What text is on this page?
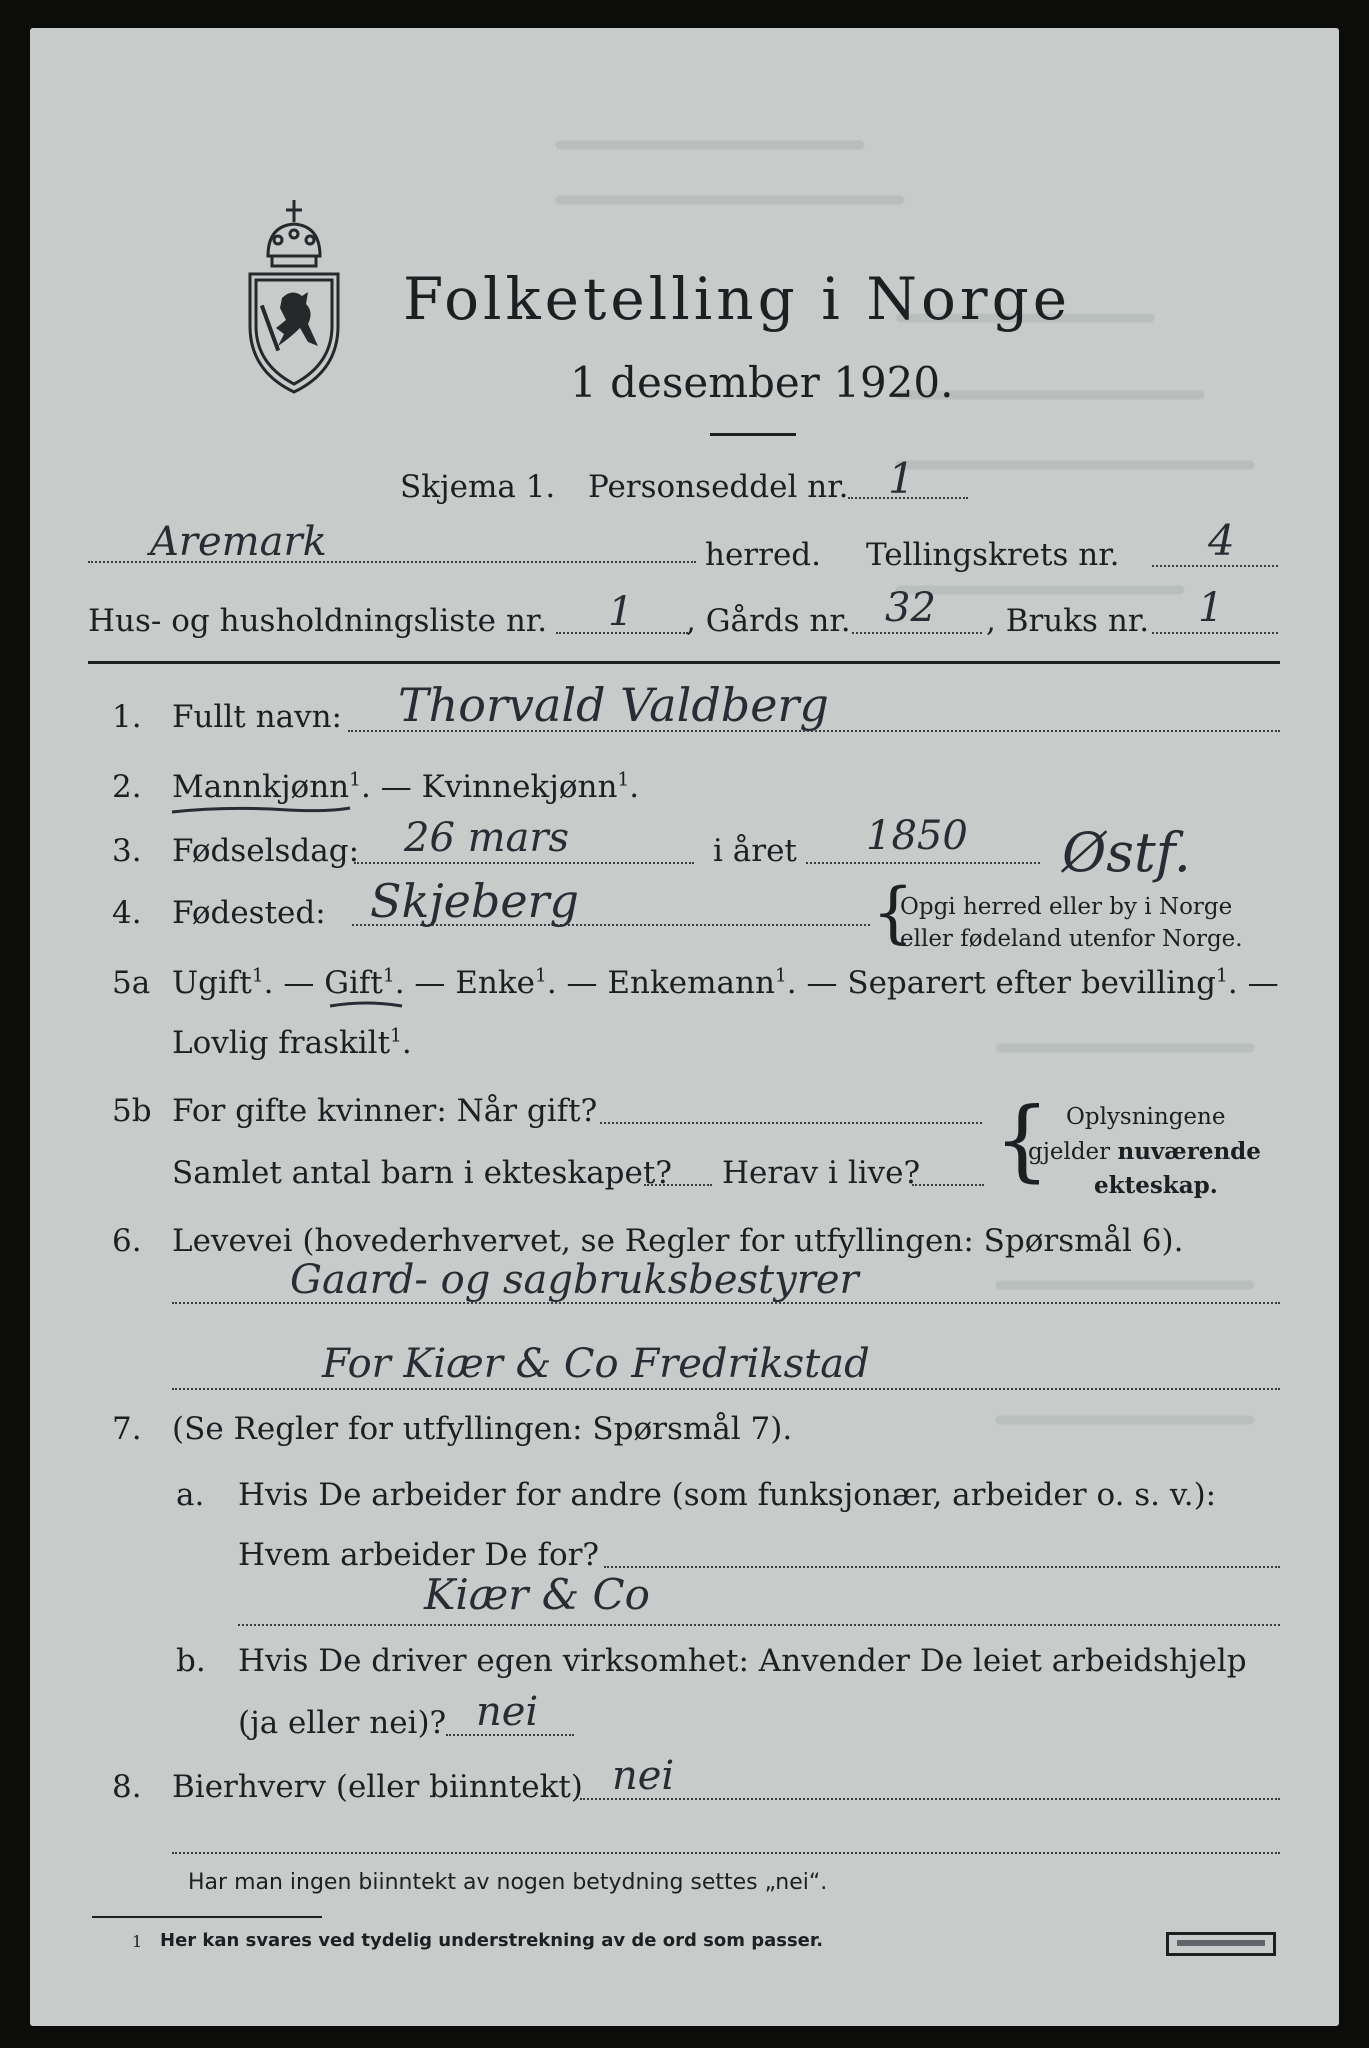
Folketelling i Norge
1 desember 1920.
Skjema 1. Personseddel nr. 1
Aremark	herred. Tellingskrets nr. 4
Hus- og husholdningsliste nr. 1 , Gårds nr. 32 , Bruks nr. 1
1. Fullt navn: Thorvald Valdberg
2. Mannkjønn$^1$. — Kvinnekjønn$^1$.
3. Fødselsdag: 26 mars	i året 1850 Østf.
4. Fødested: Skjeberg	{
Opgi herred eller by i Norge
eller fødeland utenfor Norge.
5a Ugift$^1$. — Gift$^1$. — Enke$^1$. — Enkemann$^1$. — Separert efter bevilling$^1$. —
Lovlig fraskilt$^1$.
5b For gifte kvinner: Når gift?
Samlet antal barn i ekteskapet? Herav i live? { Oplysningene
gjelder nuværende
ekteskap.
6. Levevei (hovederhvervet, se Regler for utfyllingen: Spørsmål 6).
Gaard- og sagbruksbestyrer
For Kiær & Co Fredrikstad
7. (Se Regler for utfyllingen: Spørsmål 7).
a. Hvis De arbeider for andre (som funksjonær, arbeider o. s. v.):
Hvem arbeider De for?
Kiær & Co
b. Hvis De driver egen virksomhet: Anvender De leiet arbeidshjelp
(ja eller nei)? nei
8. Bierhverv (eller biinntekt) nei
Har man ingen biinntekt av nogen betydning settes „nei“.
1 Her kan svares ved tydelig understrekning av de ord som passer.
